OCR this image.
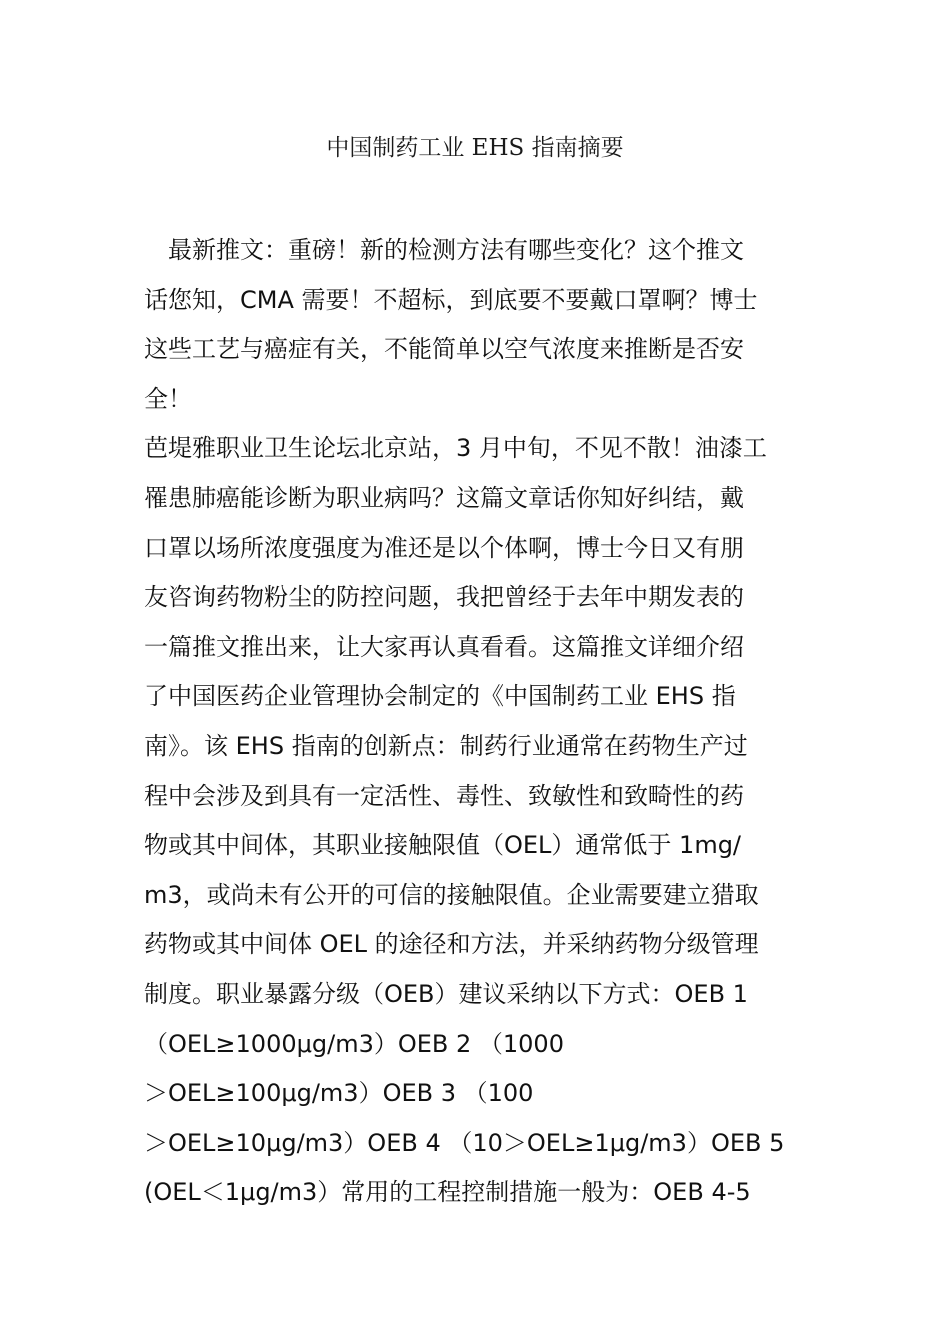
中国制药工业 EHS 指南摘要
　最新推文：重磅！新的检测方法有哪些变化？这个推文
话您知，CMA 需要！不超标，到底要不要戴口罩啊？博士
这些工艺与癌症有关，不能简单以空气浓度来推断是否安
全！
芭堤雅职业卫生论坛北京站，3 月中旬，不见不散！油漆工
罹患肺癌能诊断为职业病吗？这篇文章话你知好纠结，戴
口罩以场所浓度强度为准还是以个体啊，博士今日又有朋
友咨询药物粉尘的防控问题，我把曾经于去年中期发表的
一篇推文推出来，让大家再认真看看。这篇推文详细介绍
了中国医药企业管理协会制定的《中国制药工业 EHS 指
南》。该 EHS 指南的创新点：制药行业通常在药物生产过
程中会涉及到具有一定活性、毒性、致敏性和致畸性的药
物或其中间体，其职业接触限值（OEL）通常低于 1mg/
m3，或尚未有公开的可信的接触限值。企业需要建立猎取
药物或其中间体 OEL 的途径和方法，并采纳药物分级管理
制度。职业暴露分级（OEB）建议采纳以下方式：OEB 1
（OEL≥1000μg/m3）OEB 2 （1000
＞OEL≥100μg/m3）OEB 3 （100
＞OEL≥10μg/m3）OEB 4 （10＞OEL≥1μg/m3）OEB 5
(OEL＜1μg/m3）常用的工程控制措施一般为：OEB 4-5
